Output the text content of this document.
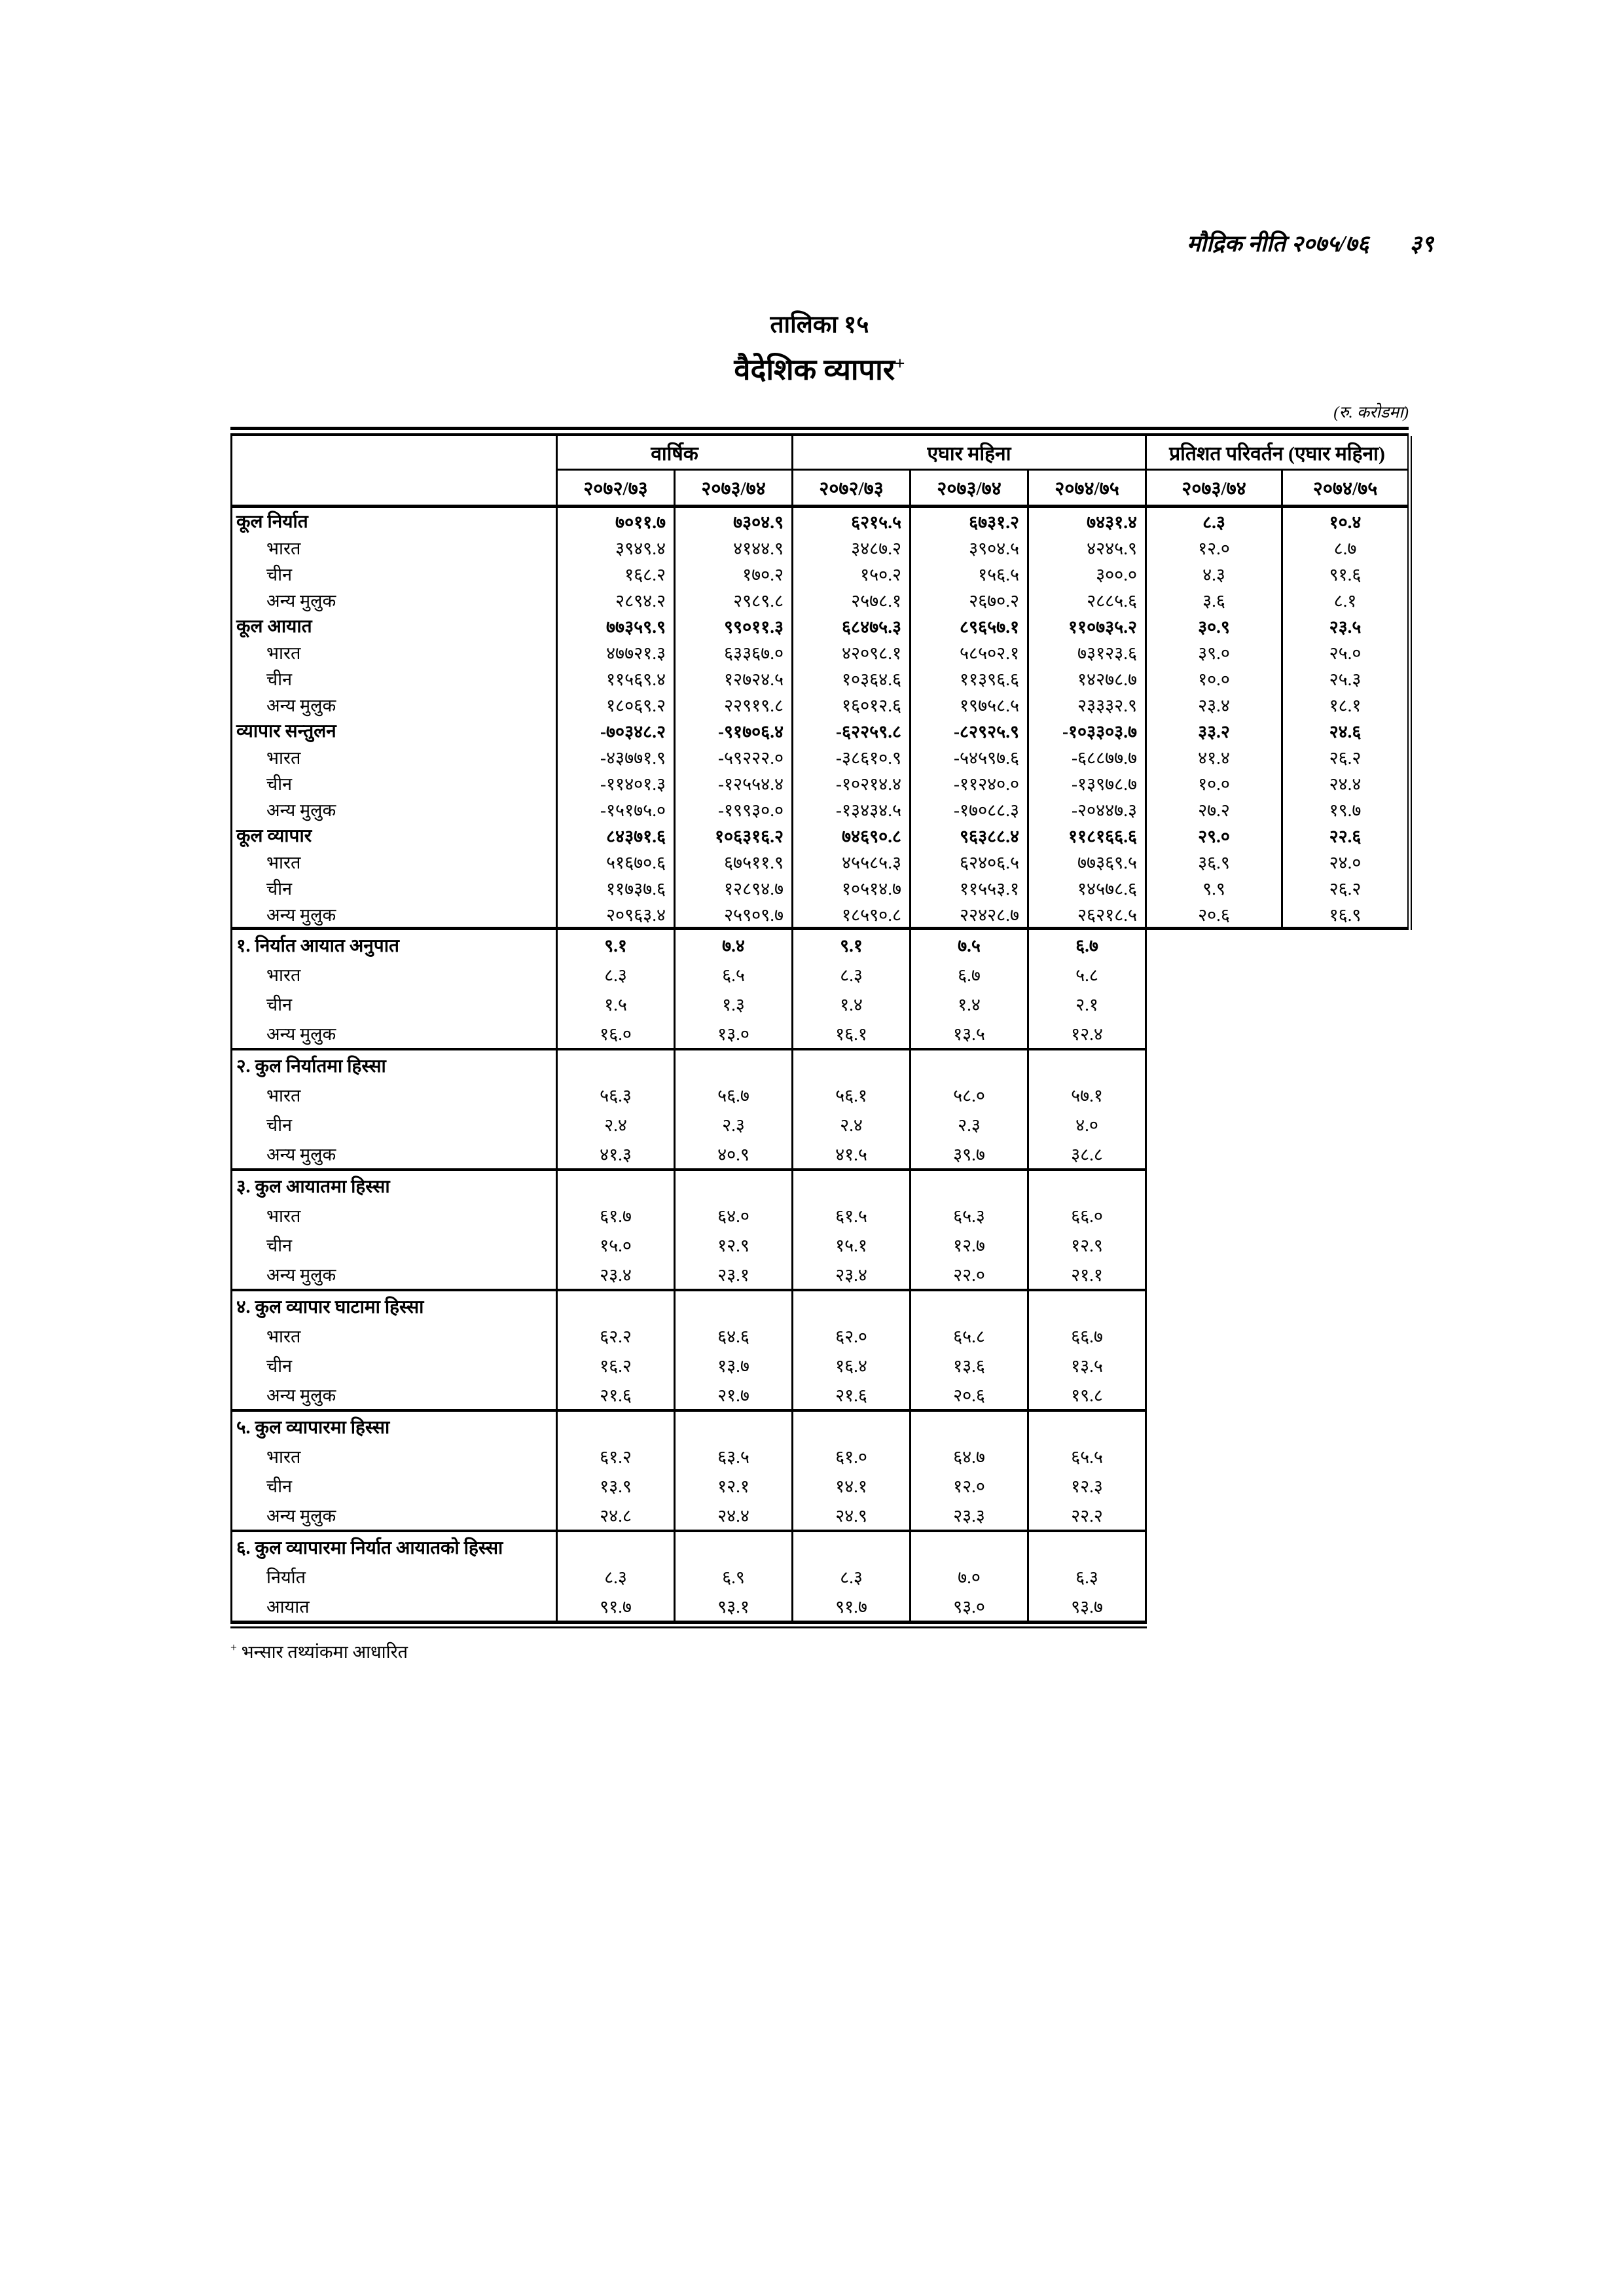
मौद्रिक नीति २०७५/७६ ३९
तालिका १५
वैदेशिक व्यापार+
(रु. करोडमा)
	वार्षिक		एघार महिना			प्रतिशत परिवर्तन (एघार महिना)	
	२०७२/७३	२०७३/७४	२०७२/७३	२०७३/७४	२०७४/७५	२०७३/७४	२०७४/७५
कूल निर्यात	७०११.७	७३०४.९	६२१५.५	६७३१.२	७४३१.४	८.३	१०.४
भारत	३९४९.४	४१४४.९	३४८७.२	३९०४.५	४२४५.९	१२.०	८.७
चीन	१६८.२	१७०.२	१५०.२	१५६.५	३००.०	४.३	९१.६
अन्य मुलुक	२८९४.२	२९८९.८	२५७८.१	२६७०.२	२८८५.६	३.६	८.१
कूल आयात	७७३५९.९	९९०११.३	६८४७५.३	८९६५७.१	११०७३५.२	३०.९	२३.५
भारत	४७७२१.३	६३३६७.०	४२०९८.१	५८५०२.१	७३१२३.६	३९.०	२५.०
चीन	११५६९.४	१२७२४.५	१०३६४.६	११३९६.६	१४२७८.७	१०.०	२५.३
अन्य मुलुक	१८०६९.२	२२९१९.८	१६०१२.६	१९७५८.५	२३३३२.९	२३.४	१८.१
व्यापार सन्तुलन	-७०३४८.२	-९१७०६.४	-६२२५९.८	-८२९२५.९	-१०३३०३.७	३३.२	२४.६
भारत	-४३७७१.९	-५९२२२.०	-३८६१०.९	-५४५९७.६	-६८८७७.७	४१.४	२६.२
चीन	-११४०१.३	-१२५५४.४	-१०२१४.४	-११२४०.०	-१३९७८.७	१०.०	२४.४
अन्य मुलुक	-१५१७५.०	-१९९३०.०	-१३४३४.५	-१७०८८.३	-२०४४७.३	२७.२	१९.७
कूल व्यापार	८४३७१.६	१०६३१६.२	७४६९०.८	९६३८८.४	११८१६६.६	२९.०	२२.६
भारत	५१६७०.६	६७५११.९	४५५८५.३	६२४०६.५	७७३६९.५	३६.९	२४.०
चीन	११७३७.६	१२८९४.७	१०५१४.७	११५५३.१	१४५७८.६	९.९	२६.२
अन्य मुलुक	२०९६३.४	२५९०९.७	१८५९०.८	२२४२८.७	२६२१८.५	२०.६	१६.९
१. निर्यात आयात अनुपात	९.१	७.४	९.१	७.५	६.७
भारत	८.३	६.५	८.३	६.७	५.८
चीन	१.५	१.३	१.४	१.४	२.१
अन्य मुलुक	१६.०	१३.०	१६.१	१३.५	१२.४
२. कुल निर्यातमा हिस्सा					
भारत	५६.३	५६.७	५६.१	५८.०	५७.१
चीन	२.४	२.३	२.४	२.३	४.०
अन्य मुलुक	४१.३	४०.९	४१.५	३९.७	३८.८
३. कुल आयातमा हिस्सा					
भारत	६१.७	६४.०	६१.५	६५.३	६६.०
चीन	१५.०	१२.९	१५.१	१२.७	१२.९
अन्य मुलुक	२३.४	२३.१	२३.४	२२.०	२१.१
४. कुल व्यापार घाटामा हिस्सा					
भारत	६२.२	६४.६	६२.०	६५.८	६६.७
चीन	१६.२	१३.७	१६.४	१३.६	१३.५
अन्य मुलुक	२१.६	२१.७	२१.६	२०.६	१९.८
५. कुल व्यापारमा हिस्सा					
भारत	६१.२	६३.५	६१.०	६४.७	६५.५
चीन	१३.९	१२.१	१४.१	१२.०	१२.३
अन्य मुलुक	२४.८	२४.४	२४.९	२३.३	२२.२
६. कुल व्यापारमा निर्यात आयातको हिस्सा					
निर्यात	८.३	६.९	८.३	७.०	६.३
आयात	९१.७	९३.१	९१.७	९३.०	९३.७
+ भन्सार तथ्यांकमा आधारित
